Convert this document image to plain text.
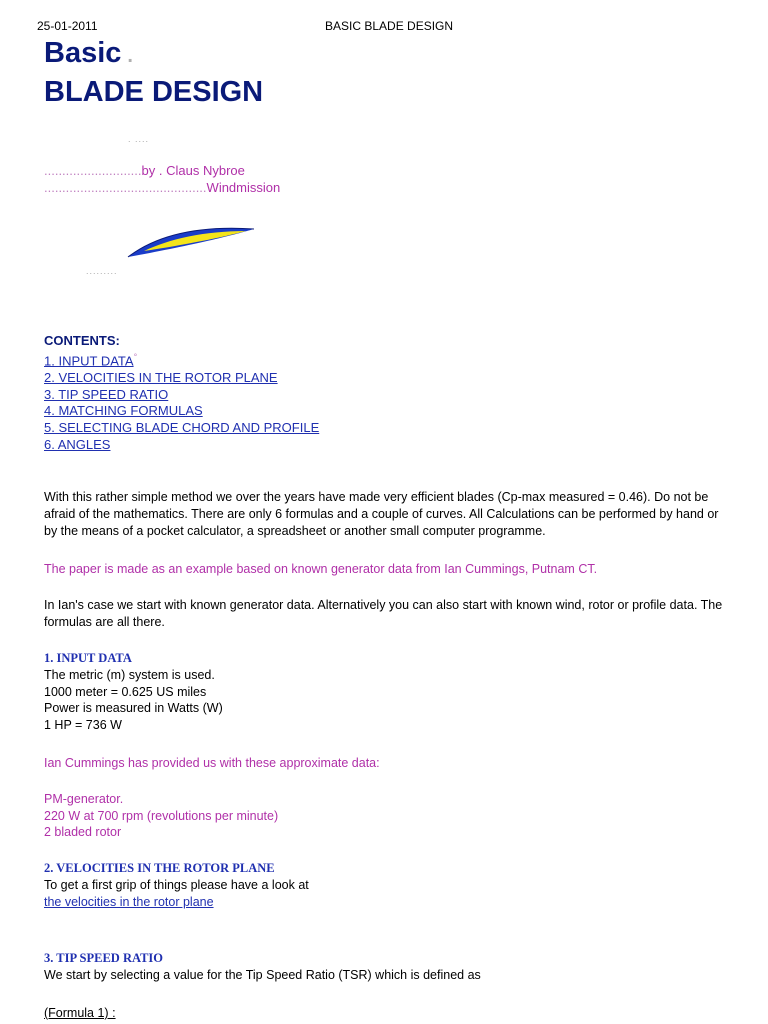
25-01-2011	BASIC BLADE DESIGN
Basic .
BLADE DESIGN
. ....
...........................by . Claus Nybroe
.............................................Windmission
.........
CONTENTS:
1. INPUT DATA°
2. VELOCITIES IN THE ROTOR PLANE
3. TIP SPEED RATIO
4. MATCHING FORMULAS
5. SELECTING BLADE CHORD AND PROFILE
6. ANGLES

With this rather simple method we over the years have made very efficient blades (Cp-max measured = 0.46). Do not be afraid of the mathematics. There are only 6 formulas and a couple of curves. All Calculations can be performed by hand or by the means of a pocket calculator, a spreadsheet or another small computer programme.

The paper is made as an example based on known generator data from Ian Cummings, Putnam CT.

In Ian's case we start with known generator data. Alternatively you can also start with known wind, rotor or profile data. The formulas are all there.

1. INPUT DATA
The metric (m) system is used.
1000 meter = 0.625 US miles
Power is measured in Watts (W)
1 HP = 736 W
Ian Cummings has provided us with these approximate data:
PM-generator.
220 W at 700 rpm (revolutions per minute)
2 bladed rotor
2. VELOCITIES IN THE ROTOR PLANE
To get a first grip of things please have a look at
the velocities in the rotor plane
3. TIP SPEED RATIO
We start by selecting a value for the Tip Speed Ratio (TSR) which is defined as
(Formula 1) :
